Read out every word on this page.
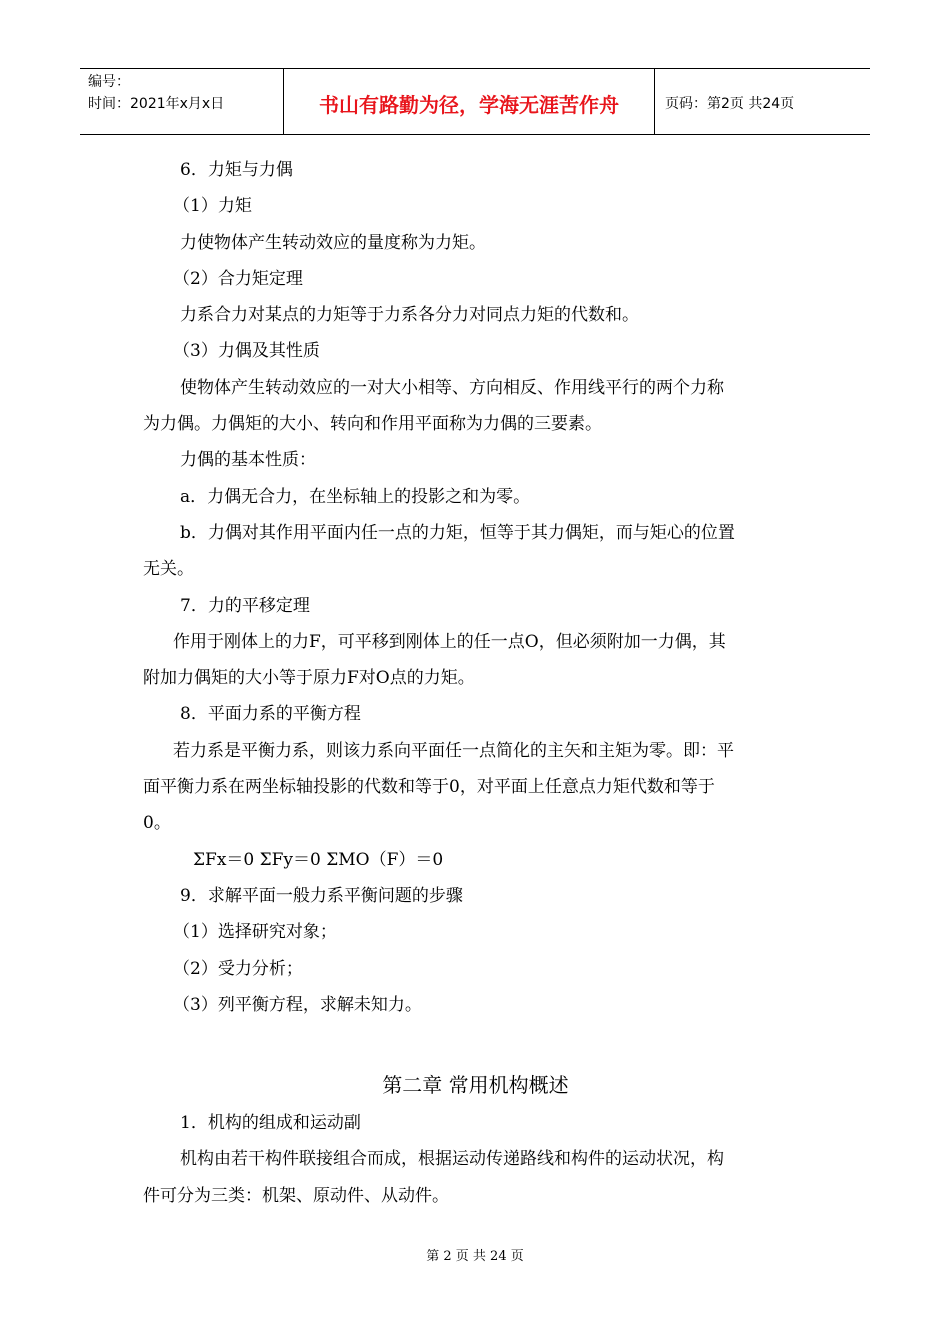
编号：
时间：2021年x月x日	书山有路勤为径，学海无涯苦作舟	页码：第2页 共24页
6．力矩与力偶
（1）力矩
力使物体产生转动效应的量度称为力矩。
（2）合力矩定理
力系合力对某点的力矩等于力系各分力对同点力矩的代数和。
（3）力偶及其性质
使物体产生转动效应的一对大小相等、方向相反、作用线平行的两个力称
为力偶。力偶矩的大小、转向和作用平面称为力偶的三要素。
力偶的基本性质：
a．力偶无合力，在坐标轴上的投影之和为零。
b．力偶对其作用平面内任一点的力矩，恒等于其力偶矩，而与矩心的位置
无关。
7．力的平移定理
作用于刚体上的力F，可平移到刚体上的任一点O，但必须附加一力偶，其
附加力偶矩的大小等于原力F对O点的力矩。
8．平面力系的平衡方程
若力系是平衡力系，则该力系向平面任一点简化的主矢和主矩为零。即：平
面平衡力系在两坐标轴投影的代数和等于0，对平面上任意点力矩代数和等于
0。
ΣFx＝0 ΣFy＝0 ΣMO（F）＝0
9．求解平面一般力系平衡问题的步骤
（1）选择研究对象；
（2）受力分析；
（3）列平衡方程，求解未知力。
第二章 常用机构概述
1．机构的组成和运动副
机构由若干构件联接组合而成，根据运动传递路线和构件的运动状况，构
件可分为三类：机架、原动件、从动件。
第 2 页 共 24 页
